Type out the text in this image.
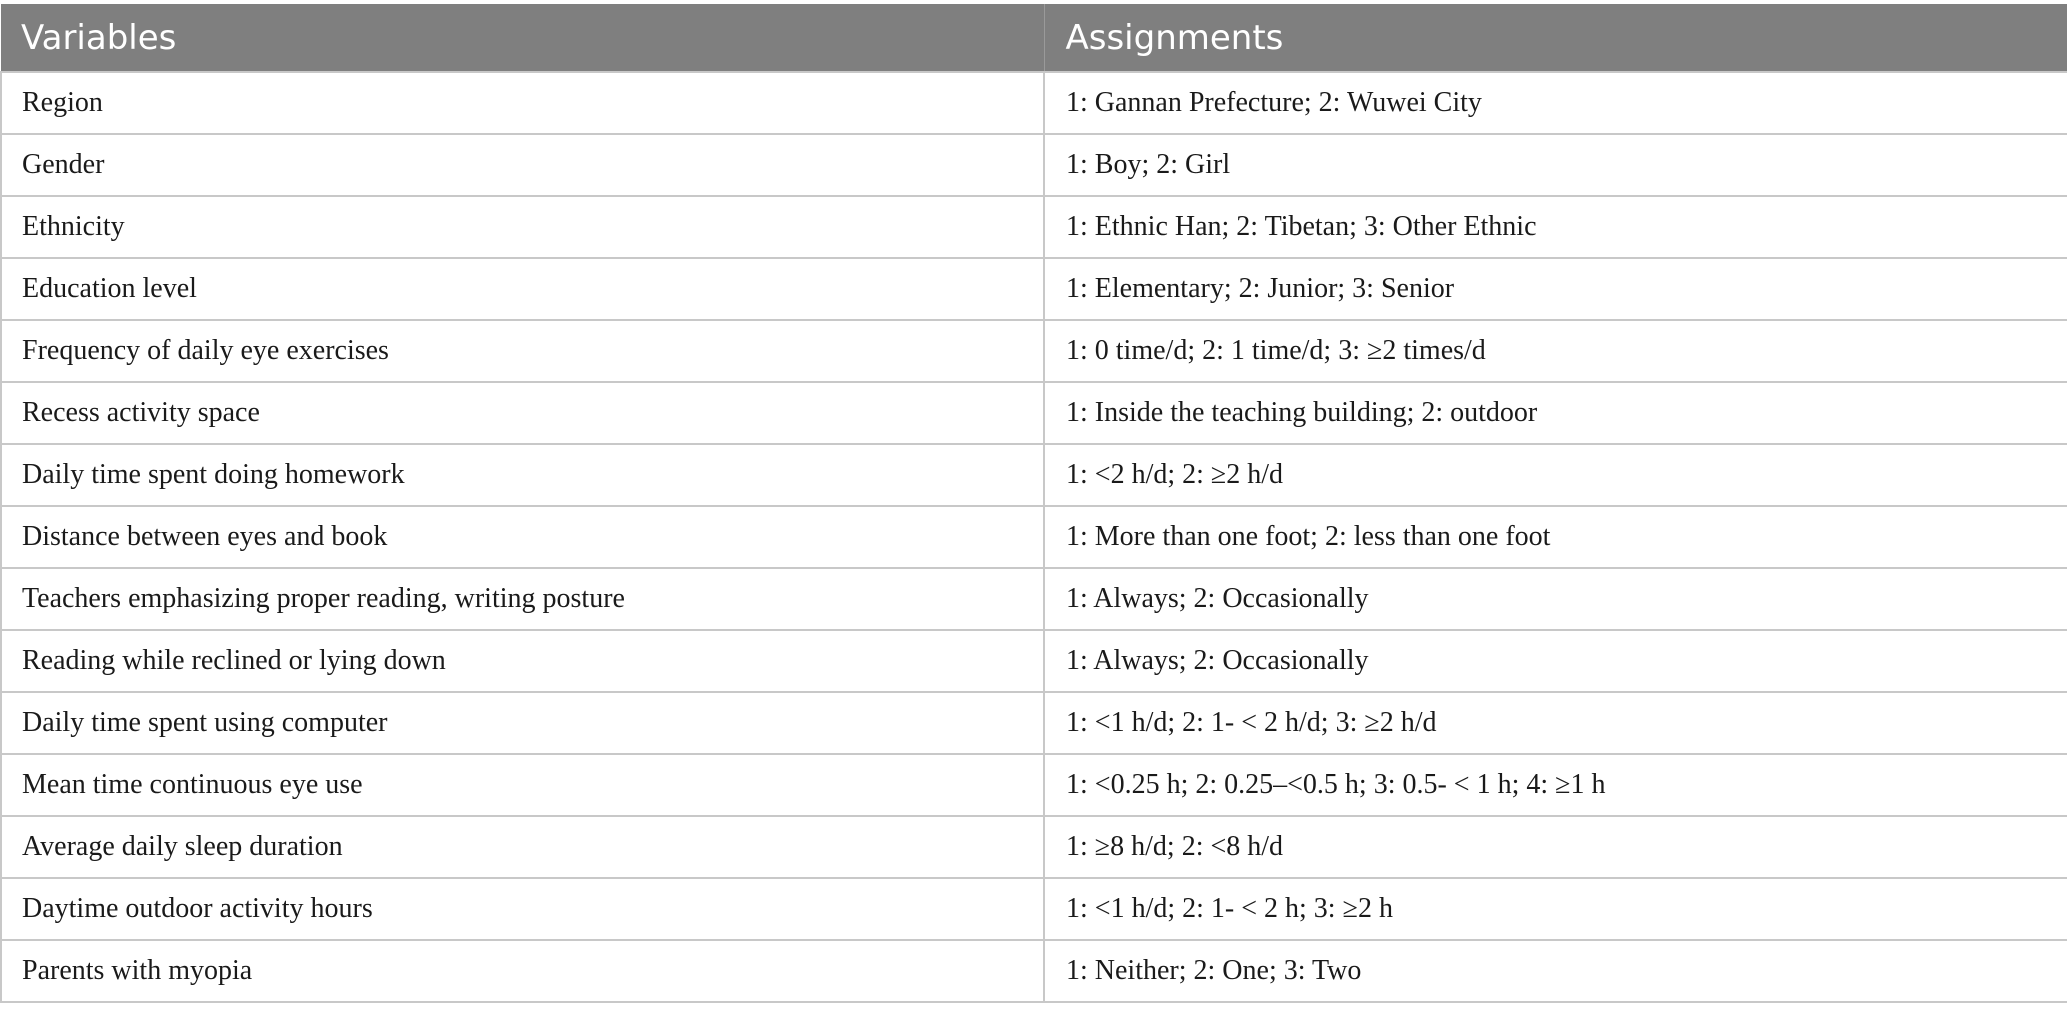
Variables	Assignments
Region	1: Gannan Prefecture; 2: Wuwei City
Gender	1: Boy; 2: Girl
Ethnicity	1: Ethnic Han; 2: Tibetan; 3: Other Ethnic
Education level	1: Elementary; 2: Junior; 3: Senior
Frequency of daily eye exercises	1: 0 time/d; 2: 1 time/d; 3: ≥2 times/d
Recess activity space	1: Inside the teaching building; 2: outdoor
Daily time spent doing homework	1: <2 h/d; 2: ≥2 h/d
Distance between eyes and book	1: More than one foot; 2: less than one foot
Teachers emphasizing proper reading, writing posture	1: Always; 2: Occasionally
Reading while reclined or lying down	1: Always; 2: Occasionally
Daily time spent using computer	1: <1 h/d; 2: 1- < 2 h/d; 3: ≥2 h/d
Mean time continuous eye use	1: <0.25 h; 2: 0.25–<0.5 h; 3: 0.5- < 1 h; 4: ≥1 h
Average daily sleep duration	1: ≥8 h/d; 2: <8 h/d
Daytime outdoor activity hours	1: <1 h/d; 2: 1- < 2 h; 3: ≥2 h
Parents with myopia	1: Neither; 2: One; 3: Two
